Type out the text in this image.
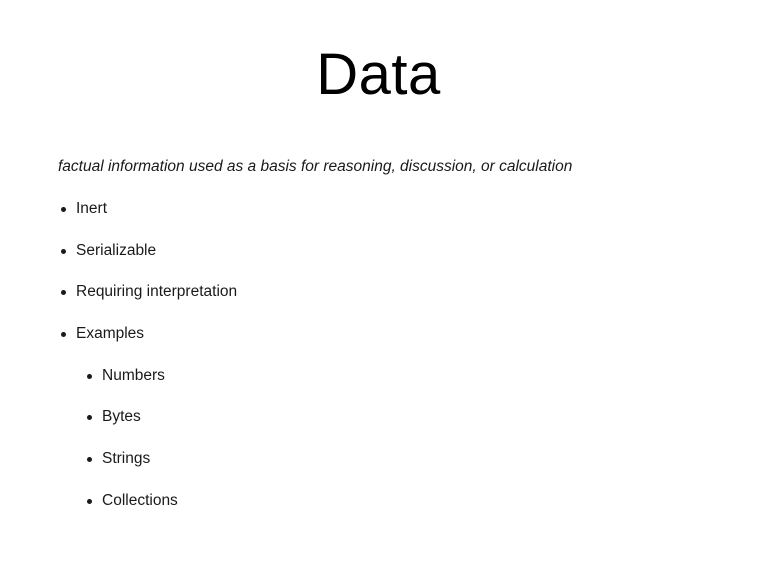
Data

factual information used as a basis for reasoning, discussion, or calculation

Inert
Serializable
Requiring interpretation
Examples
Numbers
Bytes
Strings
Collections
